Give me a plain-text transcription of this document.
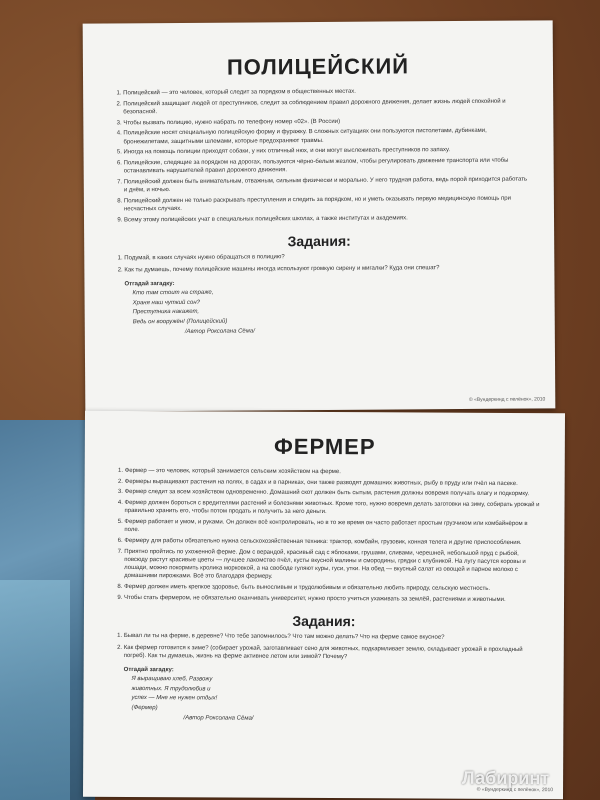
ПОЛИЦЕЙСКИЙ
1. Полицейский — это человек, который следит за порядком в общественных местах.
2. Полицейский защищает людей от преступников, следит за соблюдением правил дорожного движения, делает жизнь людей спокойной и безопасной.
3. Чтобы вызвать полицию, нужно набрать по телефону номер «02». (В России)
4. Полицейские носят специальную полицейскую форму и фуражку. В сложных ситуациях они пользуются пистолетами, дубинками, бронежилетами, защитными шлемами, которые предохраняют травмы.
5. Иногда на помощь полиции приходят собаки, у них отличный нюх, и они могут выслеживать преступников по запаху.
6. Полицейские, следящие за порядком на дорогах, пользуются чёрно-белым жезлом, чтобы регулировать движение транспорта или чтобы останавливать нарушителей правил дорожного движения.
7. Полицейский должен быть внимательным, отважным, сильным физически и морально. У него трудная работа, ведь порой приходится работать и днём, и ночью.
8. Полицейский должен не только раскрывать преступления и следить за порядком, но и уметь оказывать первую медицинскую помощь при несчастных случаях.
9. Всему этому полицейских учат в специальных полицейских школах, а также институтах и академиях.
Задания:
1. Подумай, в каких случаях нужно обращаться в полицию?
2. Как ты думаешь, почему полицейские машины иногда используют громкую сирену и мигалки? Куда они спешат?
Отгадай загадку:
Кто там стоит на страже,
Храня наш чуткий сон?
Преступника накажет,
Ведь он вооружён! (Полицейский)
/Автор Роксолана Сёма/
© «Вундеркинд с пелёнок», 2010
ФЕРМЕР
1. Фермер — это человек, который занимается сельским хозяйством на ферме.
2. Фермеры выращивают растения на полях, в садах и в парниках, они также разводят домашних животных, рыбу в пруду или пчёл на пасеке.
3. Фермер следит за всем хозяйством одновременно. Домашний скот должен быть сытым, растения должны вовремя получать влагу и подкормку.
4. Фермер должен бороться с вредителями растений и болезнями животных. Кроме того, нужно вовремя делать заготовки на зиму, собирать урожай и правильно хранить его, чтобы потом продать и получить за него деньги.
5. Фермер работает и умом, и руками. Он должен всё контролировать, но в то же время он часто работает простым грузчиком или комбайнёром в поле.
6. Фермеру для работы обязательно нужна сельскохозяйственная техника: трактор, комбайн, грузовик, конная телега и другие приспособления.
7. Приятно пройтись по ухоженной ферме. Дом с верандой, красивый сад с яблоками, грушами, сливами, черешней, небольшой пруд с рыбой, повсюду растут красивые цветы — лучшее лакомство пчёл, кусты вкусной малины и смородины, грядки с клубникой. На лугу пасутся коровы и лошади, можно покормить кролика морковкой, а на свободе гуляют куры, гуси, утки. На обед — вкусный салат из овощей и парное молоко с домашними пирожками. Всё это благодаря фермеру.
8. Фермер должен иметь крепкое здоровье, быть выносливым и трудолюбивым и обязательно любить природу, сельскую местность.
9. Чтобы стать фермером, не обязательно оканчивать университет, нужно просто учиться ухаживать за землёй, растениями и животными.
Задания:
1. Бывал ли ты на ферме, в деревне? Что тебе запомнилось? Что там можно делать? Что на ферме самое вкусное?
2. Как фермер готовится к зиме? (собирает урожай, заготавливает сено для животных, подкармливает землю, складывает урожай в прохладный погреб). Как ты думаешь, жизнь на ферме активнее летом или зимой? Почему?
Отгадай загадку:
Я выращиваю хлеб, Развожу
животных. Я трудолюбив и
успех — Мне не нужен отдых!
(Фермер)
/Автор Роксолана Сёма/
© «Вундеркинд с пелёнок», 2010
Лабиринт
